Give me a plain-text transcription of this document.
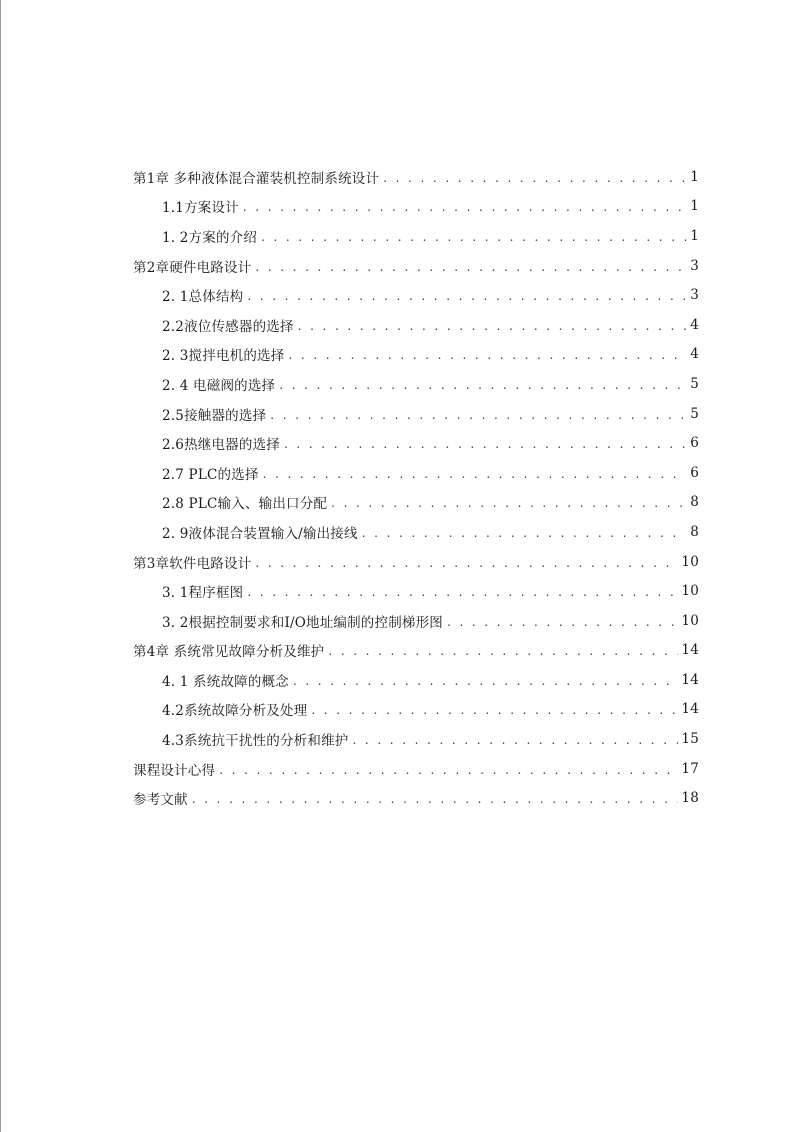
第1章 多种液体混合灌装机控制系统设计 . . .	1
1.1方案设计 . . .	1
1. 2方案的介绍 . . .	1
第2章硬件电路设计 . . .	3
2. 1总体结构 . . .	3
2.2液位传感器的选择 . . .	4
2. 3搅拌电机的选择 . . .	4
2. 4 电磁阀的选择 . . .	5
2.5接触器的选择 . . .	5
2.6热继电器的选择 . . .	6
2.7 PLC的选择 . . .	6
2.8 PLC输入、输出口分配 . . .	8
2. 9液体混合装置输入/输出接线 . . .	8
第3章软件电路设计 . . .	10
3. 1程序框图 . . .	10
3. 2根据控制要求和I/O地址编制的控制梯形图 . . .	10
第4章 系统常见故障分析及维护 . . .	14
4. 1 系统故障的概念 . . .	14
4.2系统故障分析及处理 . . .	14
4.3系统抗干扰性的分析和维护 . . .	15
课程设计心得 . . .	17
参考文献 . . .	18
